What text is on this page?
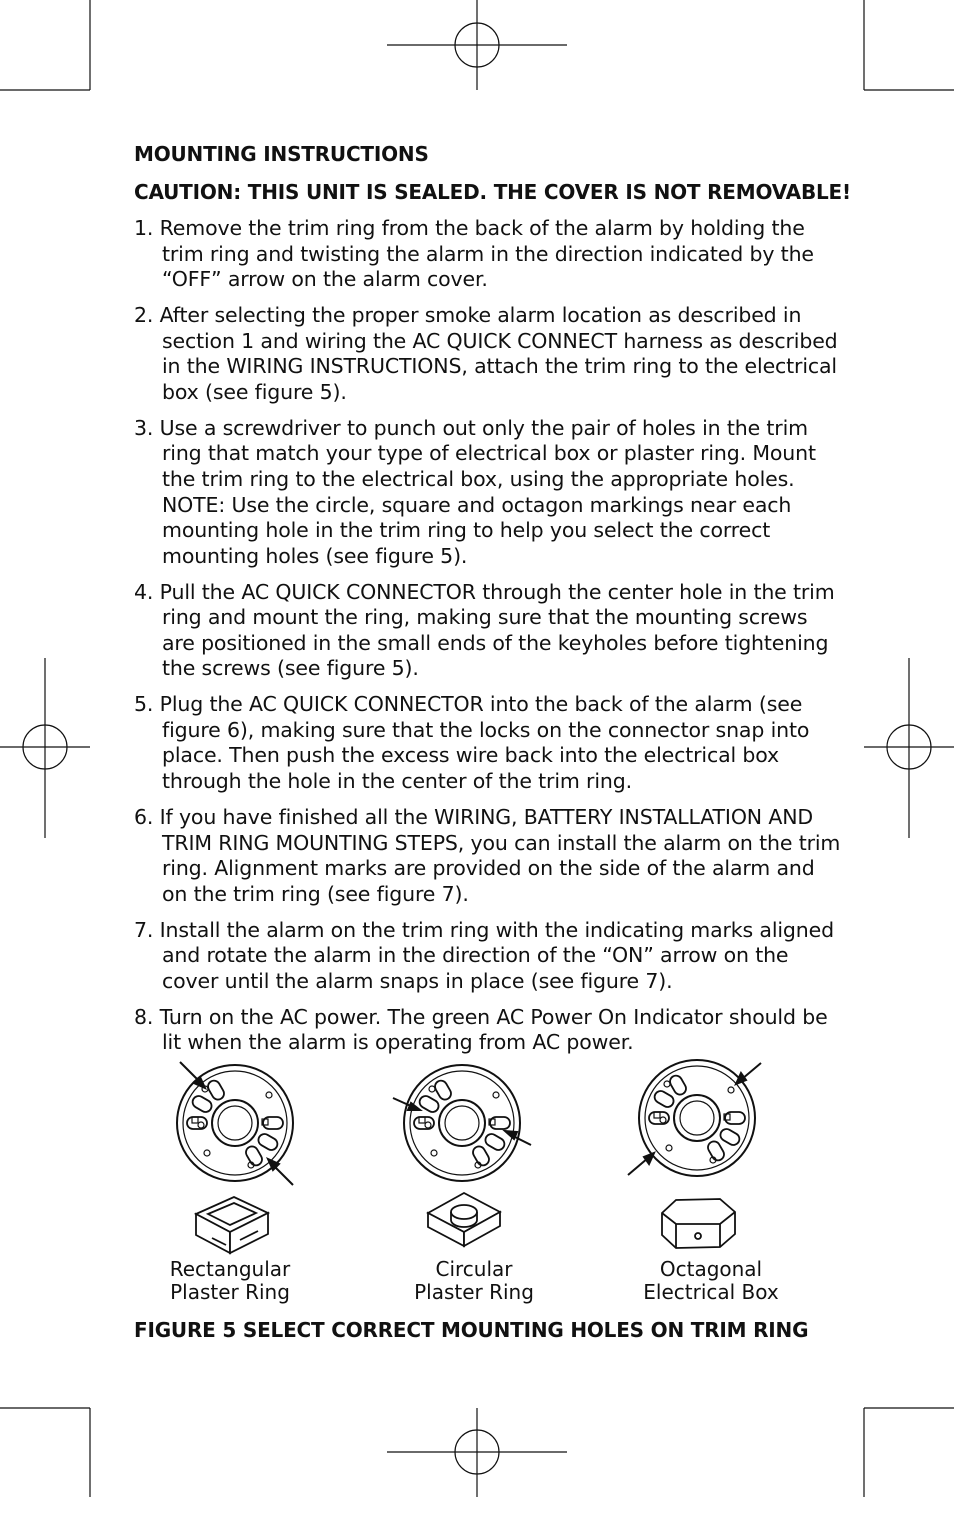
MOUNTING INSTRUCTIONS
CAUTION: THIS UNIT IS SEALED. THE COVER IS NOT REMOVABLE!
1. Remove the trim ring from the back of the alarm by holding the trim ring and twisting the alarm in the direction indicated by the “OFF” arrow on the alarm cover.
2. After selecting the proper smoke alarm location as described in section 1 and wiring the AC QUICK CONNECT harness as described in the WIRING INSTRUCTIONS, attach the trim ring to the electrical box (see figure 5).
3. Use a screwdriver to punch out only the pair of holes in the trim ring that match your type of electrical box or plaster ring. Mount the trim ring to the electrical box, using the appropriate holes. NOTE: Use the circle, square and octagon markings near each mounting hole in the trim ring to help you select the correct mounting holes (see figure 5).
4. Pull the AC QUICK CONNECTOR through the center hole in the trim ring and mount the ring, making sure that the mounting screws are positioned in the small ends of the keyholes before tightening the screws (see figure 5).
5. Plug the AC QUICK CONNECTOR into the back of the alarm (see figure 6), making sure that the locks on the connector snap into place. Then push the excess wire back into the electrical box through the hole in the center of the trim ring.
6. If you have finished all the WIRING, BATTERY INSTALLATION AND TRIM RING MOUNTING STEPS, you can install the alarm on the trim ring. Alignment marks are provided on the side of the alarm and on the trim ring (see figure 7).
7. Install the alarm on the trim ring with the indicating marks aligned and rotate the alarm in the direction of the “ON” arrow on the cover until the alarm snaps in place (see figure 7).
8. Turn on the AC power. The green AC Power On Indicator should be lit when the alarm is operating from AC power.
Rectangular
Plaster Ring
Circular
Plaster Ring
Octagonal
Electrical Box
FIGURE 5 SELECT CORRECT MOUNTING HOLES ON TRIM RING
